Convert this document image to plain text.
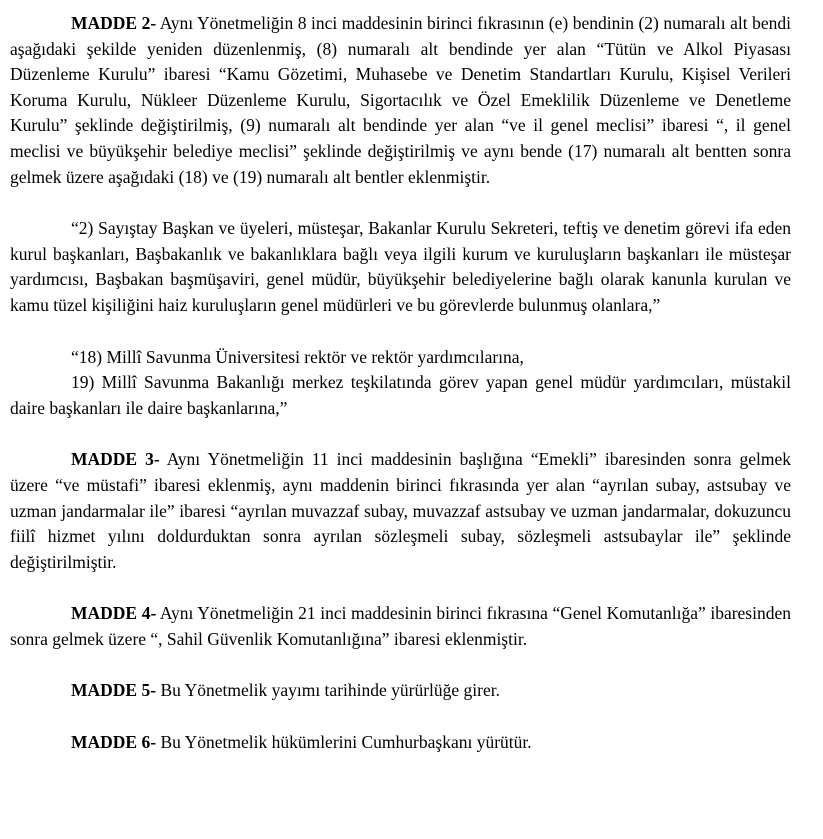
MADDE 2- Aynı Yönetmeliğin 8 inci maddesinin birinci fıkrasının (e) bendinin (2) numaralı alt bendi aşağıdaki şekilde yeniden düzenlenmiş, (8) numaralı alt bendinde yer alan “Tütün ve Alkol Piyasası Düzenleme Kurulu” ibaresi “Kamu Gözetimi, Muhasebe ve Denetim Standartları Kurulu, Kişisel Verileri Koruma Kurulu, Nükleer Düzenleme Kurulu, Sigortacılık ve Özel Emeklilik Düzenleme ve Denetleme Kurulu” şeklinde değiştirilmiş, (9) numaralı alt bendinde yer alan “ve il genel meclisi” ibaresi “, il genel meclisi ve büyükşehir belediye meclisi” şeklinde değiştirilmiş ve aynı bende (17) numaralı alt bentten sonra gelmek üzere aşağıdaki (18) ve (19) numaralı alt bentler eklenmiştir.

“2) Sayıştay Başkan ve üyeleri, müsteşar, Bakanlar Kurulu Sekreteri, teftiş ve denetim görevi ifa eden kurul başkanları, Başbakanlık ve bakanlıklara bağlı veya ilgili kurum ve kuruluşların başkanları ile müsteşar yardımcısı, Başbakan başmüşaviri, genel müdür, büyükşehir belediyelerine bağlı olarak kanunla kurulan ve kamu tüzel kişiliğini haiz kuruluşların genel müdürleri ve bu görevlerde bulunmuş olanlara,”

“18) Millî Savunma Üniversitesi rektör ve rektör yardımcılarına,

19) Millî Savunma Bakanlığı merkez teşkilatında görev yapan genel müdür yardımcıları, müstakil daire başkanları ile daire başkanlarına,”

MADDE 3- Aynı Yönetmeliğin 11 inci maddesinin başlığına “Emekli” ibaresinden sonra gelmek üzere “ve müstafi” ibaresi eklenmiş, aynı maddenin birinci fıkrasında yer alan “ayrılan subay, astsubay ve uzman jandarmalar ile” ibaresi “ayrılan muvazzaf subay, muvazzaf astsubay ve uzman jandarmalar, dokuzuncu fiilî hizmet yılını doldurduktan sonra ayrılan sözleşmeli subay, sözleşmeli astsubaylar ile” şeklinde değiştirilmiştir.

MADDE 4- Aynı Yönetmeliğin 21 inci maddesinin birinci fıkrasına “Genel Komutanlığa” ibaresinden sonra gelmek üzere “, Sahil Güvenlik Komutanlığına” ibaresi eklenmiştir.

MADDE 5- Bu Yönetmelik yayımı tarihinde yürürlüğe girer.

MADDE 6- Bu Yönetmelik hükümlerini Cumhurbaşkanı yürütür.
